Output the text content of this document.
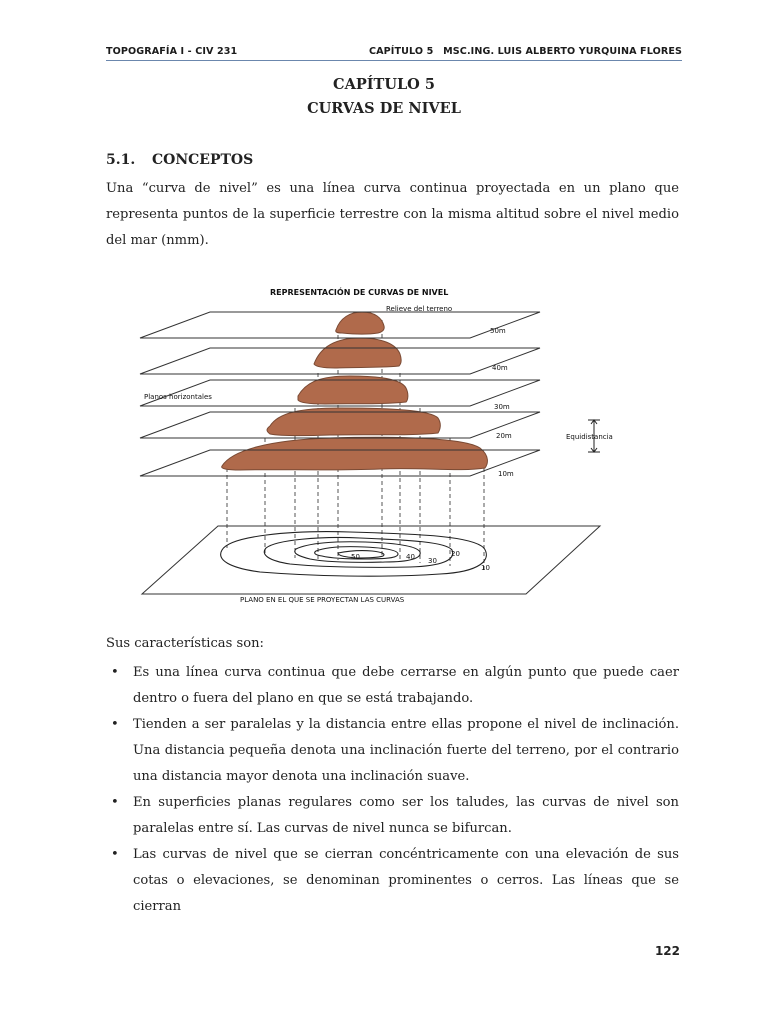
TOPOGRAFÍA I - CIV 231	CAPÍTULO 5 MSC.ING. LUIS ALBERTO YURQUINA FLORES
CAPÍTULO 5
CURVAS DE NIVEL
5.1. CONCEPTOS
Una “curva de nivel” es una línea curva continua proyectada en un plano que representa puntos de la superficie terrestre con la misma altitud sobre el nivel medio del mar (nmm).
REPRESENTACIÓN DE CURVAS DE NIVEL
Relieve del terreno
Planos horizontales
Equidistancia
50m
40m
30m
20m
10m
50	40 30
20
10
PLANO EN EL QUE SE PROYECTAN LAS CURVAS
Sus características son:
• Es una línea curva continua que debe cerrarse en algún punto que puede caer dentro o fuera del plano en que se está trabajando.
• Tienden a ser paralelas y la distancia entre ellas propone el nivel de inclinación. Una distancia pequeña denota una inclinación fuerte del terreno, por el contrario una distancia mayor denota una inclinación suave.
• En superficies planas regulares como ser los taludes, las curvas de nivel son paralelas entre sí. Las curvas de nivel nunca se bifurcan.
• Las curvas de nivel que se cierran concéntricamente con una elevación de sus cotas o elevaciones, se denominan prominentes o cerros. Las líneas que se cierran
122
